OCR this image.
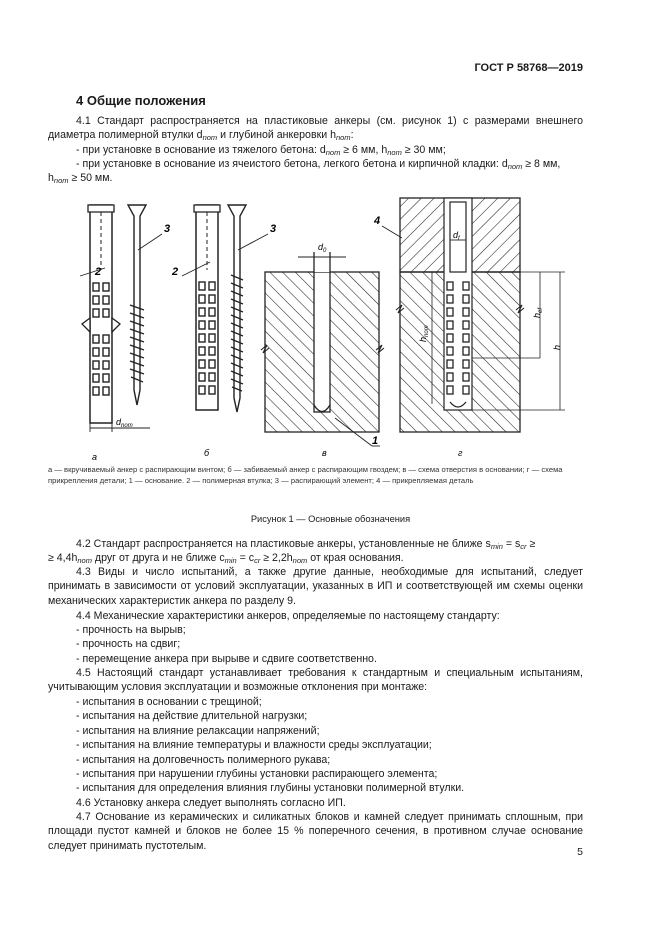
ГОСТ Р 58768—2019
4 Общие положения
4.1 Стандарт распространяется на пластиковые анкеры (см. рисунок 1) с размерами внешнего диаметра полимерной втулки $d_{nom}$ и глубиной анкеровки $h_{nom}$:
- при установке в основание из тяжелого бетона: $d_{nom} \ge 6$ мм, $h_{nom} \ge 30$ мм;
- при установке в основание из ячеистого бетона, легкого бетона и кирпичной кладки: $d_{nom} \ge 8$ мм,
$h_{nom} \ge 50$ мм.
$d_{nom}$
2
3
а
2
3
б
$d_0$
1
в
$d_f$
$h_{ef}$
h
$h_{nom}$
4
г
а — вкручиваемый анкер с распирающим винтом; б — забиваемый анкер с распирающим гвоздем; в — схема отверстия в основании; г — схема прикрепления детали; 1 — основание. 2 — полимерная втулка; 3 — распирающий элемент; 4 — прикрепляемая деталь
Рисунок 1 — Основные обозначения
4.2 Стандарт распространяется на пластиковые анкеры, установленные не ближе $s_{min} = s_{cr}$ ≥
≥ $4,4h_{nom}$ друг от друга и не ближе $c_{min} = c_{cr} \ge 2,2h_{nom}$ от края основания.
4.3 Виды и число испытаний, а также другие данные, необходимые для испытаний, следует принимать в зависимости от условий эксплуатации, указанных в ИП и соответствующей им схемы оценки механических характеристик анкера по разделу 9.
4.4 Механические характеристики анкеров, определяемые по настоящему стандарту:
- прочность на вырыв;
- прочность на сдвиг;
- перемещение анкера при вырыве и сдвиге соответственно.
4.5 Настоящий стандарт устанавливает требования к стандартным и специальным испытаниям, учитывающим условия эксплуатации и возможные отклонения при монтаже:
- испытания в основании с трещиной;
- испытания на действие длительной нагрузки;
- испытания на влияние релаксации напряжений;
- испытания на влияние температуры и влажности среды эксплуатации;
- испытания на долговечность полимерного рукава;
- испытания при нарушении глубины установки распирающего элемента;
- испытания для определения влияния глубины установки полимерной втулки.
4.6 Установку анкера следует выполнять согласно ИП.
4.7 Основание из керамических и силикатных блоков и камней следует принимать сплошным, при площади пустот камней и блоков не более 15 % поперечного сечения, в противном случае основание следует принимать пустотелым.
5
